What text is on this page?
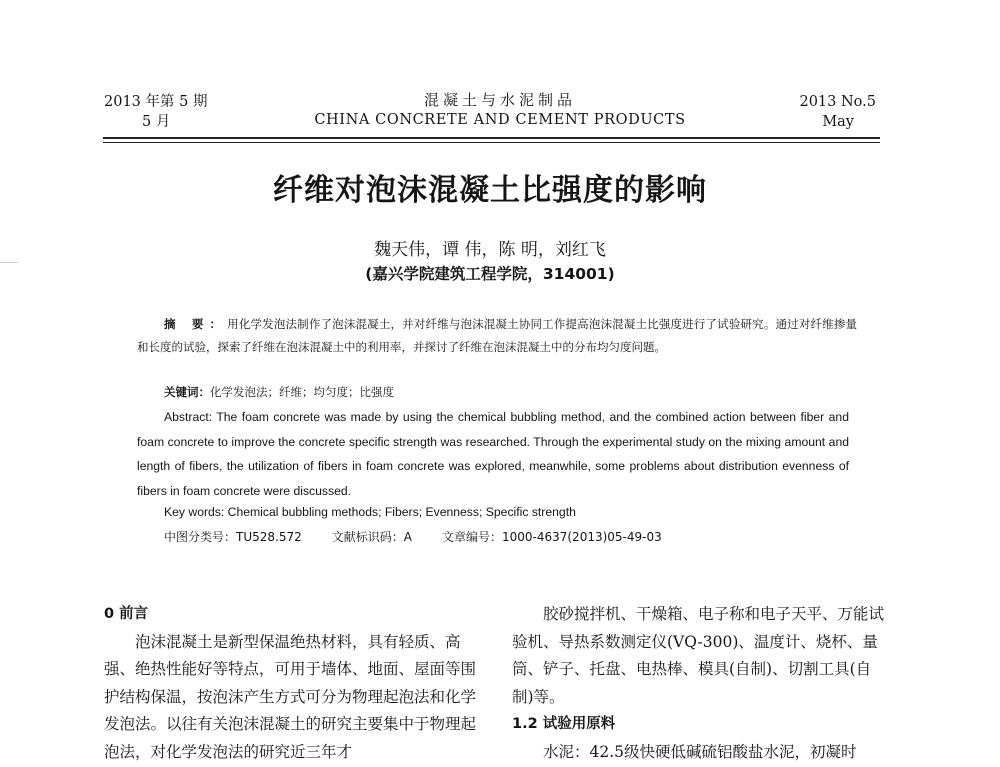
2013 年第 5 期
5 月
混凝土与水泥制品
CHINA CONCRETE AND CEMENT PRODUCTS
2013 No.5
May
纤维对泡沫混凝土比强度的影响
魏天伟，谭 伟，陈 明，刘红飞
(嘉兴学院建筑工程学院，314001)
摘 要：用化学发泡法制作了泡沫混凝土，并对纤维与泡沫混凝土协同工作提高泡沫混凝土比强度进行了试验研究。通过对纤维掺量和长度的试验，探索了纤维在泡沫混凝土中的利用率，并探讨了纤维在泡沫混凝土中的分布均匀度问题。
关键词：化学发泡法；纤维；均匀度；比强度
Abstract: The foam concrete was made by using the chemical bubbling method, and the combined action between fiber and foam concrete to improve the concrete specific strength was researched. Through the experimental study on the mixing amount and length of fibers, the utilization of fibers in foam concrete was explored, meanwhile, some problems about distribution evenness of fibers in foam concrete were discussed.
Key words: Chemical bubbling methods; Fibers; Evenness; Specific strength
中图分类号：TU528.572	文献标识码：A	文章编号：1000-4637(2013)05-49-03
0 前言
泡沫混凝土是新型保温绝热材料，具有轻质、高强、绝热性能好等特点，可用于墙体、地面、屋面等围护结构保温，按泡沫产生方式可分为物理起泡法和化学发泡法。以往有关泡沫混凝土的研究主要集中于物理起泡法，对化学发泡法的研究近三年才
胶砂搅拌机、干燥箱、电子称和电子天平、万能试验机、导热系数测定仪(VQ-300)、温度计、烧杯、量筒、铲子、托盘、电热棒、模具(自制)、切割工具(自制)等。
1.2 试验用原料
水泥：42.5级快硬低碱硫铝酸盐水泥，初凝时
